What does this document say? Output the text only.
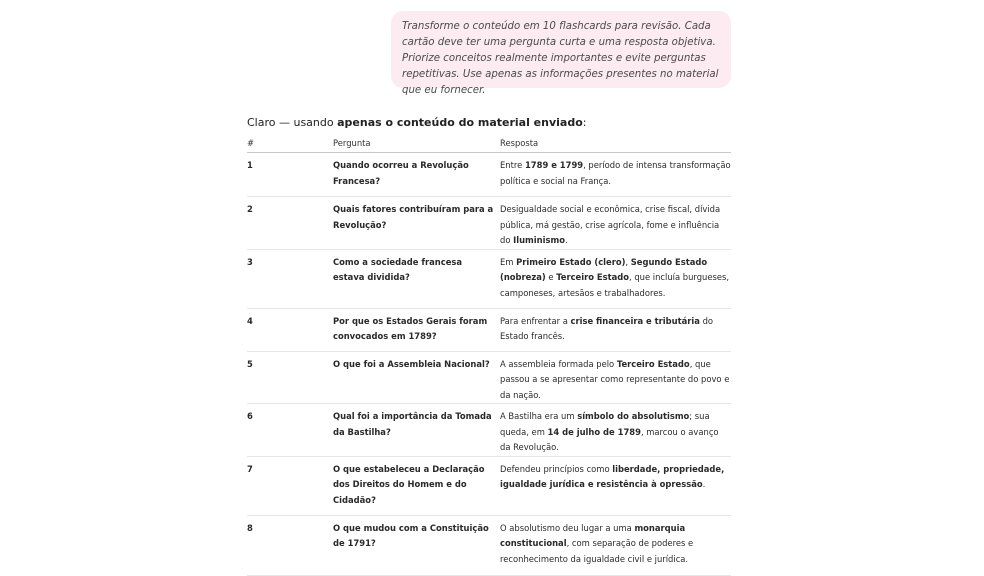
Transforme o conteúdo em 10 flashcards para revisão. Cada cartão deve ter uma pergunta curta e uma resposta objetiva. Priorize conceitos realmente importantes e evite perguntas repetitivas. Use apenas as informações presentes no material que eu fornecer.

Claro — usando apenas o conteúdo do material enviado:
#	Pergunta	Resposta
1	Quando ocorreu a Revolução Francesa?	Entre 1789 e 1799, período de intensa transformação política e social na França.
2	Quais fatores contribuíram para a Revolução?	Desigualdade social e econômica, crise fiscal, dívida pública, má gestão, crise agrícola, fome e influência do Iluminismo.
3	Como a sociedade francesa estava dividida?	Em Primeiro Estado (clero), Segundo Estado (nobreza) e Terceiro Estado, que incluía burgueses, camponeses, artesãos e trabalhadores.
4	Por que os Estados Gerais foram convocados em 1789?	Para enfrentar a crise financeira e tributária do Estado francês.
5	O que foi a Assembleia Nacional?	A assembleia formada pelo Terceiro Estado, que passou a se apresentar como representante do povo e da nação.
6	Qual foi a importância da Tomada da Bastilha?	A Bastilha era um símbolo do absolutismo; sua queda, em 14 de julho de 1789, marcou o avanço da Revolução.
7	O que estabeleceu a Declaração dos Direitos do Homem e do Cidadão?	Defendeu princípios como liberdade, propriedade, igualdade jurídica e resistência à opressão.
8	O que mudou com a Constituição de 1791?	O absolutismo deu lugar a uma monarquia constitucional, com separação de poderes e reconhecimento da igualdade civil e jurídica.
